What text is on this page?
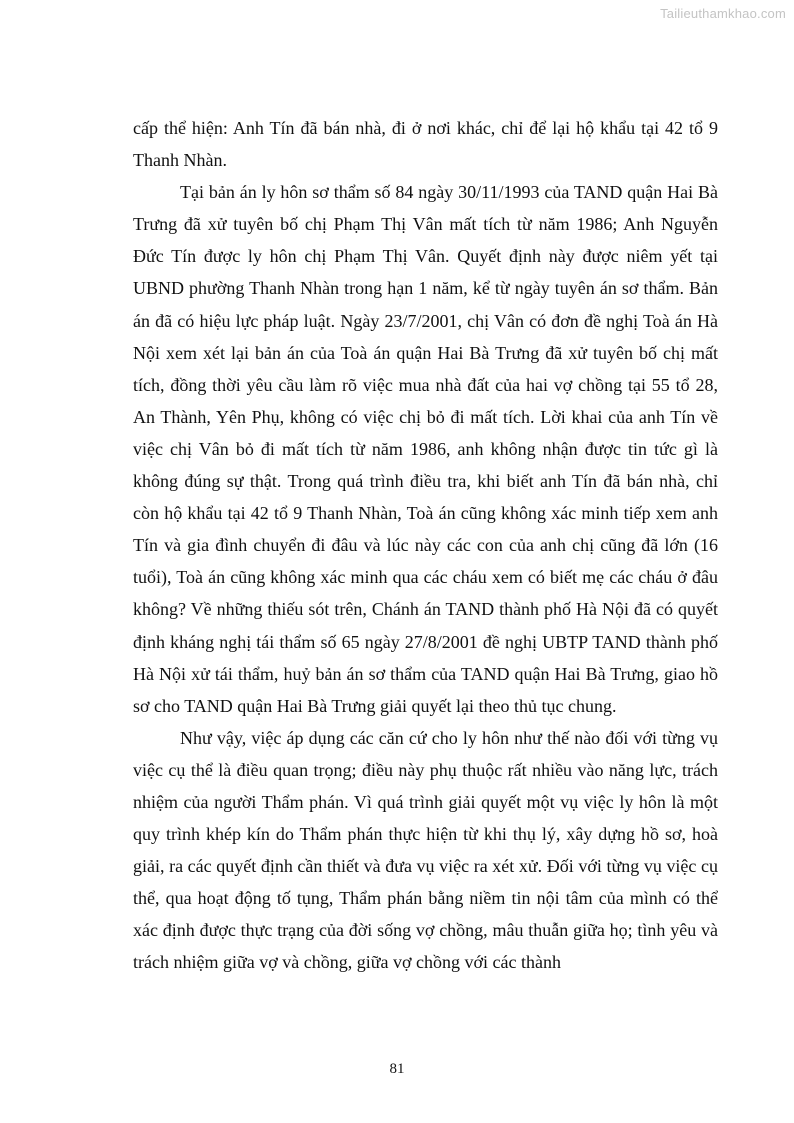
Tailieuthamkhao.com

cấp thể hiện: Anh Tín đã bán nhà, đi ở nơi khác, chỉ để lại hộ khẩu tại 42 tổ 9 Thanh Nhàn.

Tại bản án ly hôn sơ thẩm số 84 ngày 30/11/1993 của TAND quận Hai Bà Trưng đã xử tuyên bố chị Phạm Thị Vân mất tích từ năm 1986; Anh Nguyễn Đức Tín được ly hôn chị Phạm Thị Vân. Quyết định này được niêm yết tại UBND phường Thanh Nhàn trong hạn 1 năm, kể từ ngày tuyên án sơ thẩm. Bản án đã có hiệu lực pháp luật. Ngày 23/7/2001, chị Vân có đơn đề nghị Toà án Hà Nội xem xét lại bản án của Toà án quận Hai Bà Trưng đã xử tuyên bố chị mất tích, đồng thời yêu cầu làm rõ việc mua nhà đất của hai vợ chồng tại 55 tổ 28, An Thành, Yên Phụ, không có việc chị bỏ đi mất tích. Lời khai của anh Tín về việc chị Vân bỏ đi mất tích từ năm 1986, anh không nhận được tin tức gì là không đúng sự thật. Trong quá trình điều tra, khi biết anh Tín đã bán nhà, chỉ còn hộ khẩu tại 42 tổ 9 Thanh Nhàn, Toà án cũng không xác minh tiếp xem anh Tín và gia đình chuyển đi đâu và lúc này các con của anh chị cũng đã lớn (16 tuổi), Toà án cũng không xác minh qua các cháu xem có biết mẹ các cháu ở đâu không? Về những thiếu sót trên, Chánh án TAND thành phố Hà Nội đã có quyết định kháng nghị tái thẩm số 65 ngày 27/8/2001 đề nghị UBTP TAND thành phố Hà Nội xử tái thẩm, huỷ bản án sơ thẩm của TAND quận Hai Bà Trưng, giao hồ sơ cho TAND quận Hai Bà Trưng giải quyết lại theo thủ tục chung.

Như vậy, việc áp dụng các căn cứ cho ly hôn như thế nào đối với từng vụ việc cụ thể là điều quan trọng; điều này phụ thuộc rất nhiều vào năng lực, trách nhiệm của người Thẩm phán. Vì quá trình giải quyết một vụ việc ly hôn là một quy trình khép kín do Thẩm phán thực hiện từ khi thụ lý, xây dựng hồ sơ, hoà giải, ra các quyết định cần thiết và đưa vụ việc ra xét xử. Đối với từng vụ việc cụ thể, qua hoạt động tố tụng, Thẩm phán bằng niềm tin nội tâm của mình có thể xác định được thực trạng của đời sống vợ chồng, mâu thuẫn giữa họ; tình yêu và trách nhiệm giữa vợ và chồng, giữa vợ chồng với các thành

81
